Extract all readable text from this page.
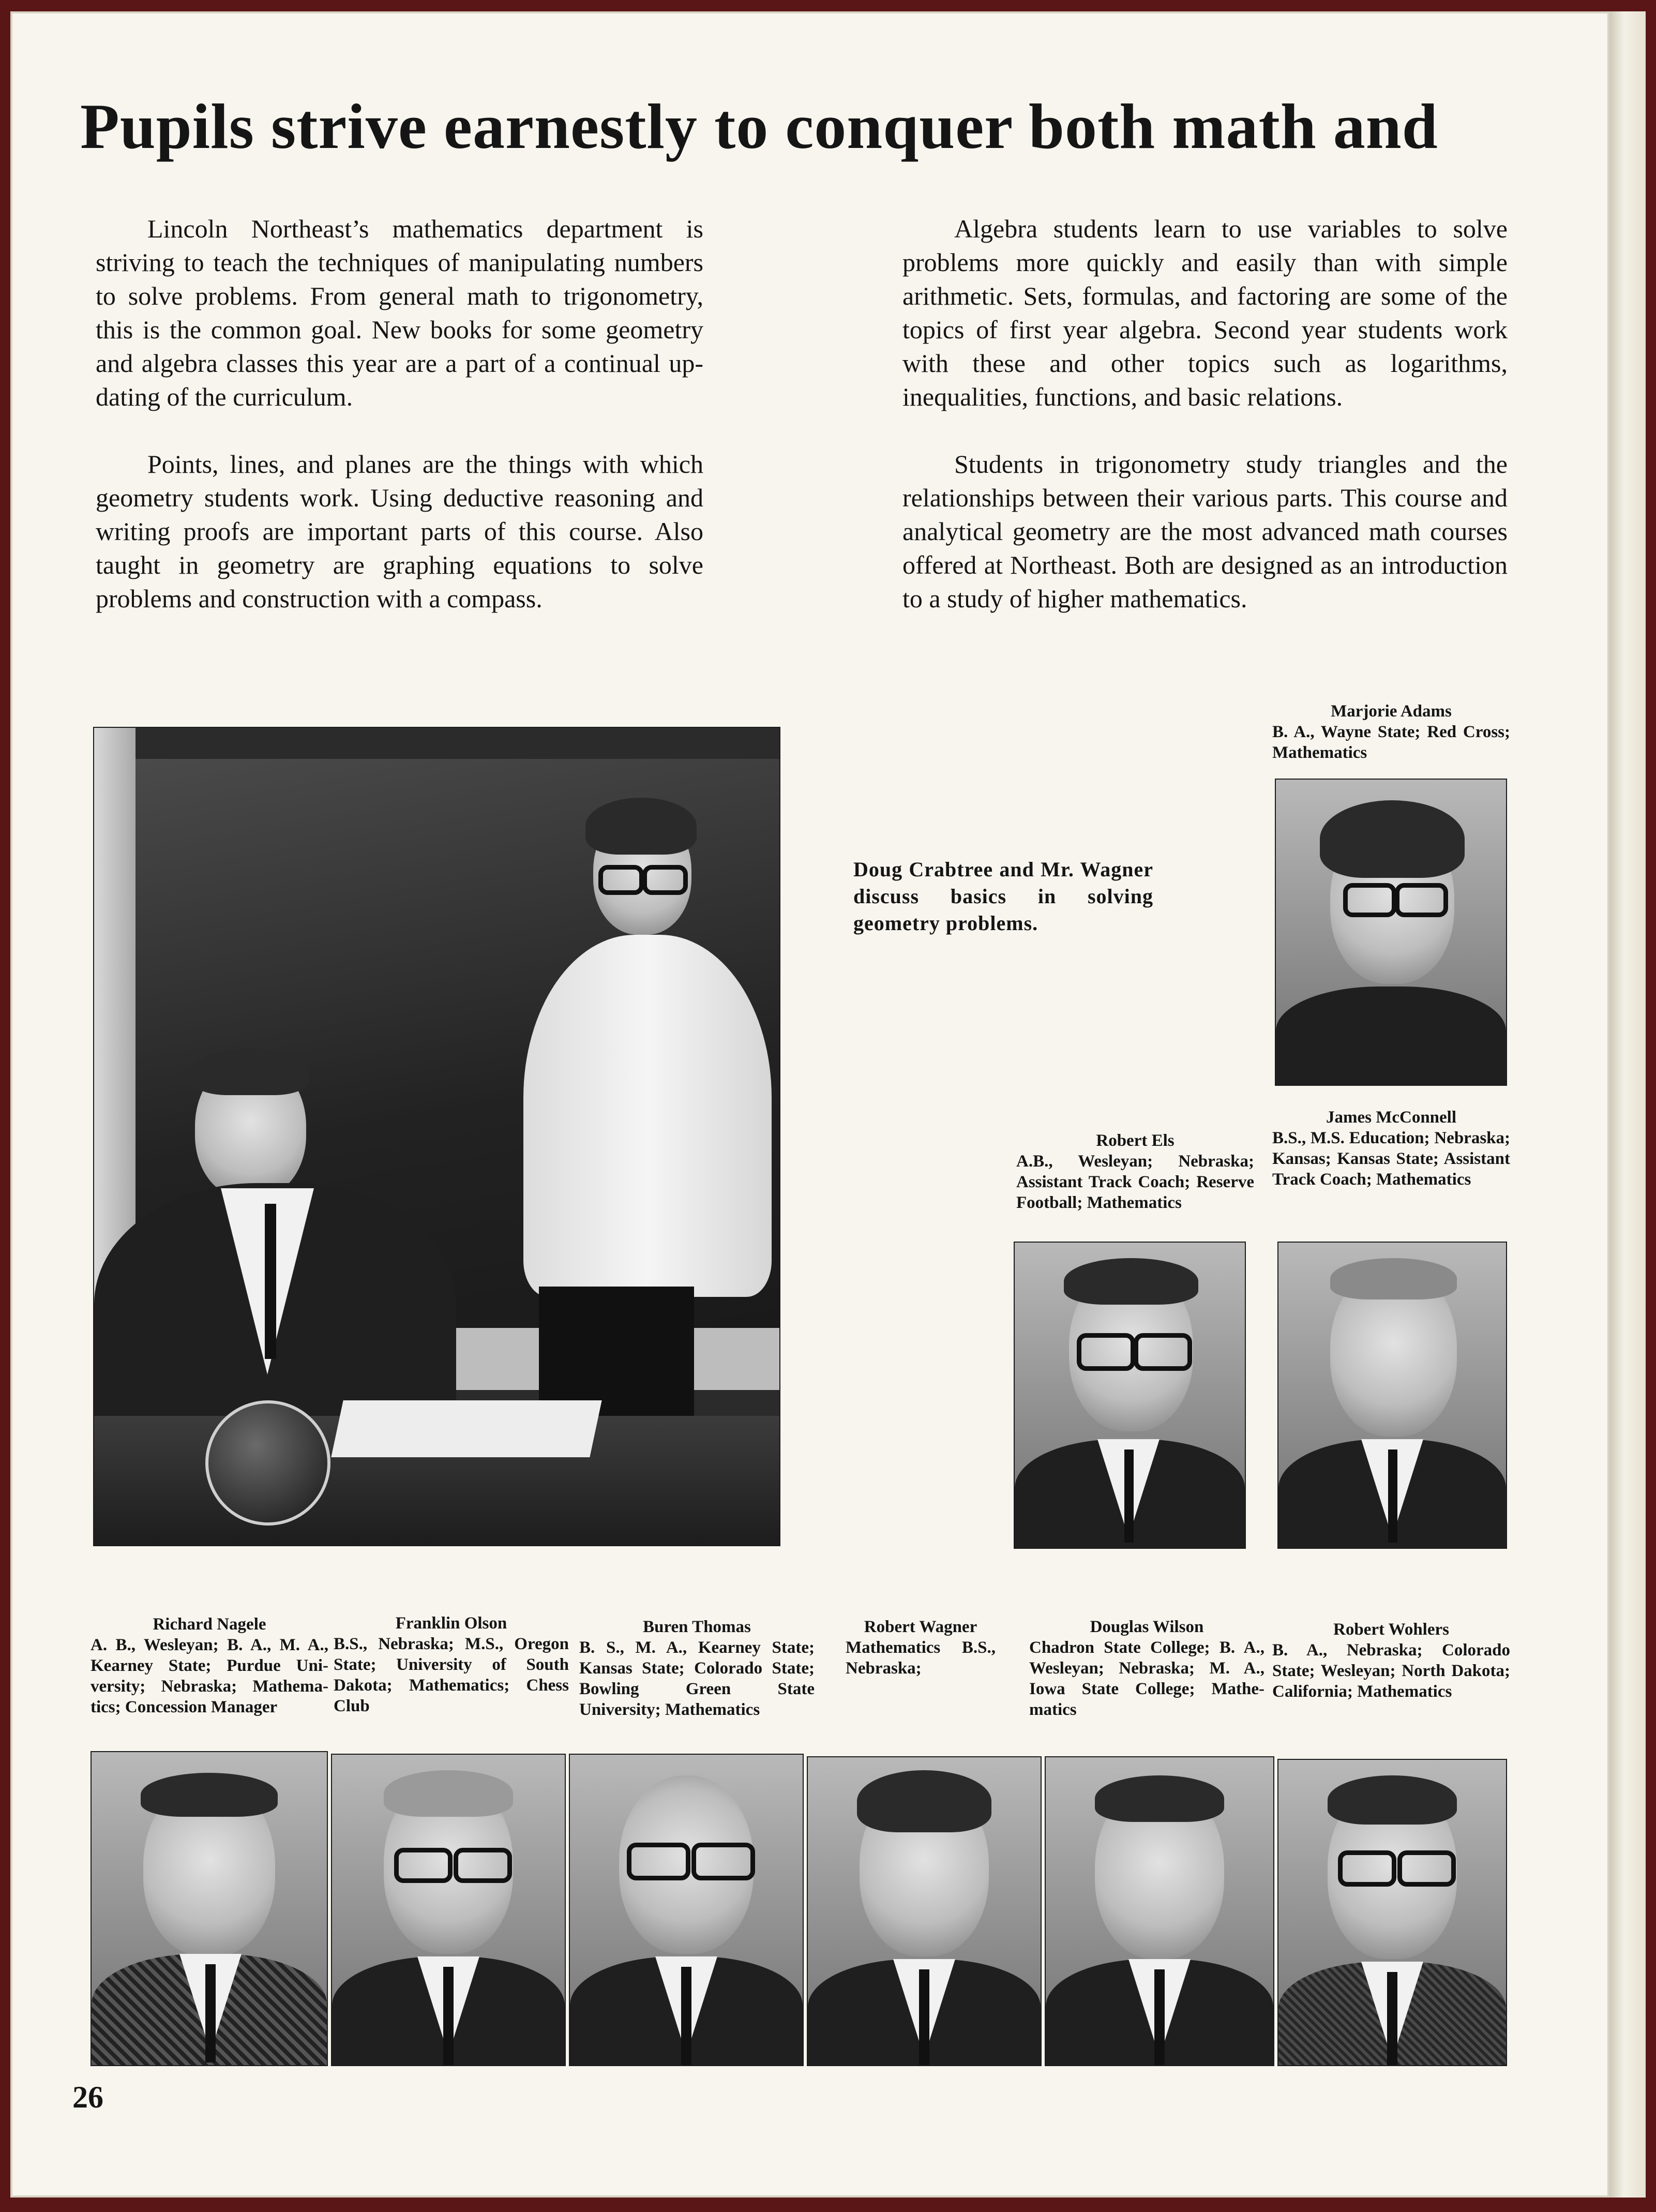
Pupils strive earnestly to conquer both math and

Lincoln Northeast’s mathematics department is striving to teach the techniques of manipulating numbers to solve problems. From general math to trigonometry, this is the common goal. New books for some geometry and algebra classes this year are a part of a continual updating of the curriculum.

Points, lines, and planes are the things with which geometry students work. Using deductive reasoning and writing proofs are important parts of this course. Also taught in geometry are graphing equations to solve problems and construction with a compass.

Algebra students learn to use variables to solve problems more quickly and easily than with simple arithmetic. Sets, formulas, and factoring are some of the topics of first year algebra. Second year students work with these and other topics such as logarithms, inequalities, functions, and basic relations.

Students in trigonometry study triangles and the relationships between their various parts. This course and analytical geometry are the most advanced math courses offered at Northeast. Both are designed as an introduction to a study of higher mathematics.

Doug Crabtree and Mr. Wagner discuss basics in solving geometry problems.
Marjorie Adams
B. A., Wayne State; Red Cross; Mathematics
Robert Els
A.B., Wesleyan; Nebraska; Assistant Track Coach; Reserve Football; Mathematics
James McConnell
B.S., M.S. Education; Nebraska; Kansas; Kansas State; Assistant Track Coach; Mathematics
Richard Nagele
A. B., Wesleyan; B. A., M. A., Kearney State; Purdue University; Nebraska; Mathematics; Concession Manager
Franklin Olson
B.S., Nebraska; M.S., Oregon State; University of South Dakota; Mathematics; Chess Club
Buren Thomas
B. S., M. A., Kearney State; Kansas State; Colorado State; Bowling Green State University; Mathematics
Robert Wagner
Mathematics B.S., Nebraska;
Douglas Wilson
Chadron State College; B. A., Wesleyan; Nebraska; M. A., Iowa State College; Mathematics
Robert Wohlers
B. A., Nebraska; Colorado State; Wesleyan; North Dakota; California; Mathematics
26
